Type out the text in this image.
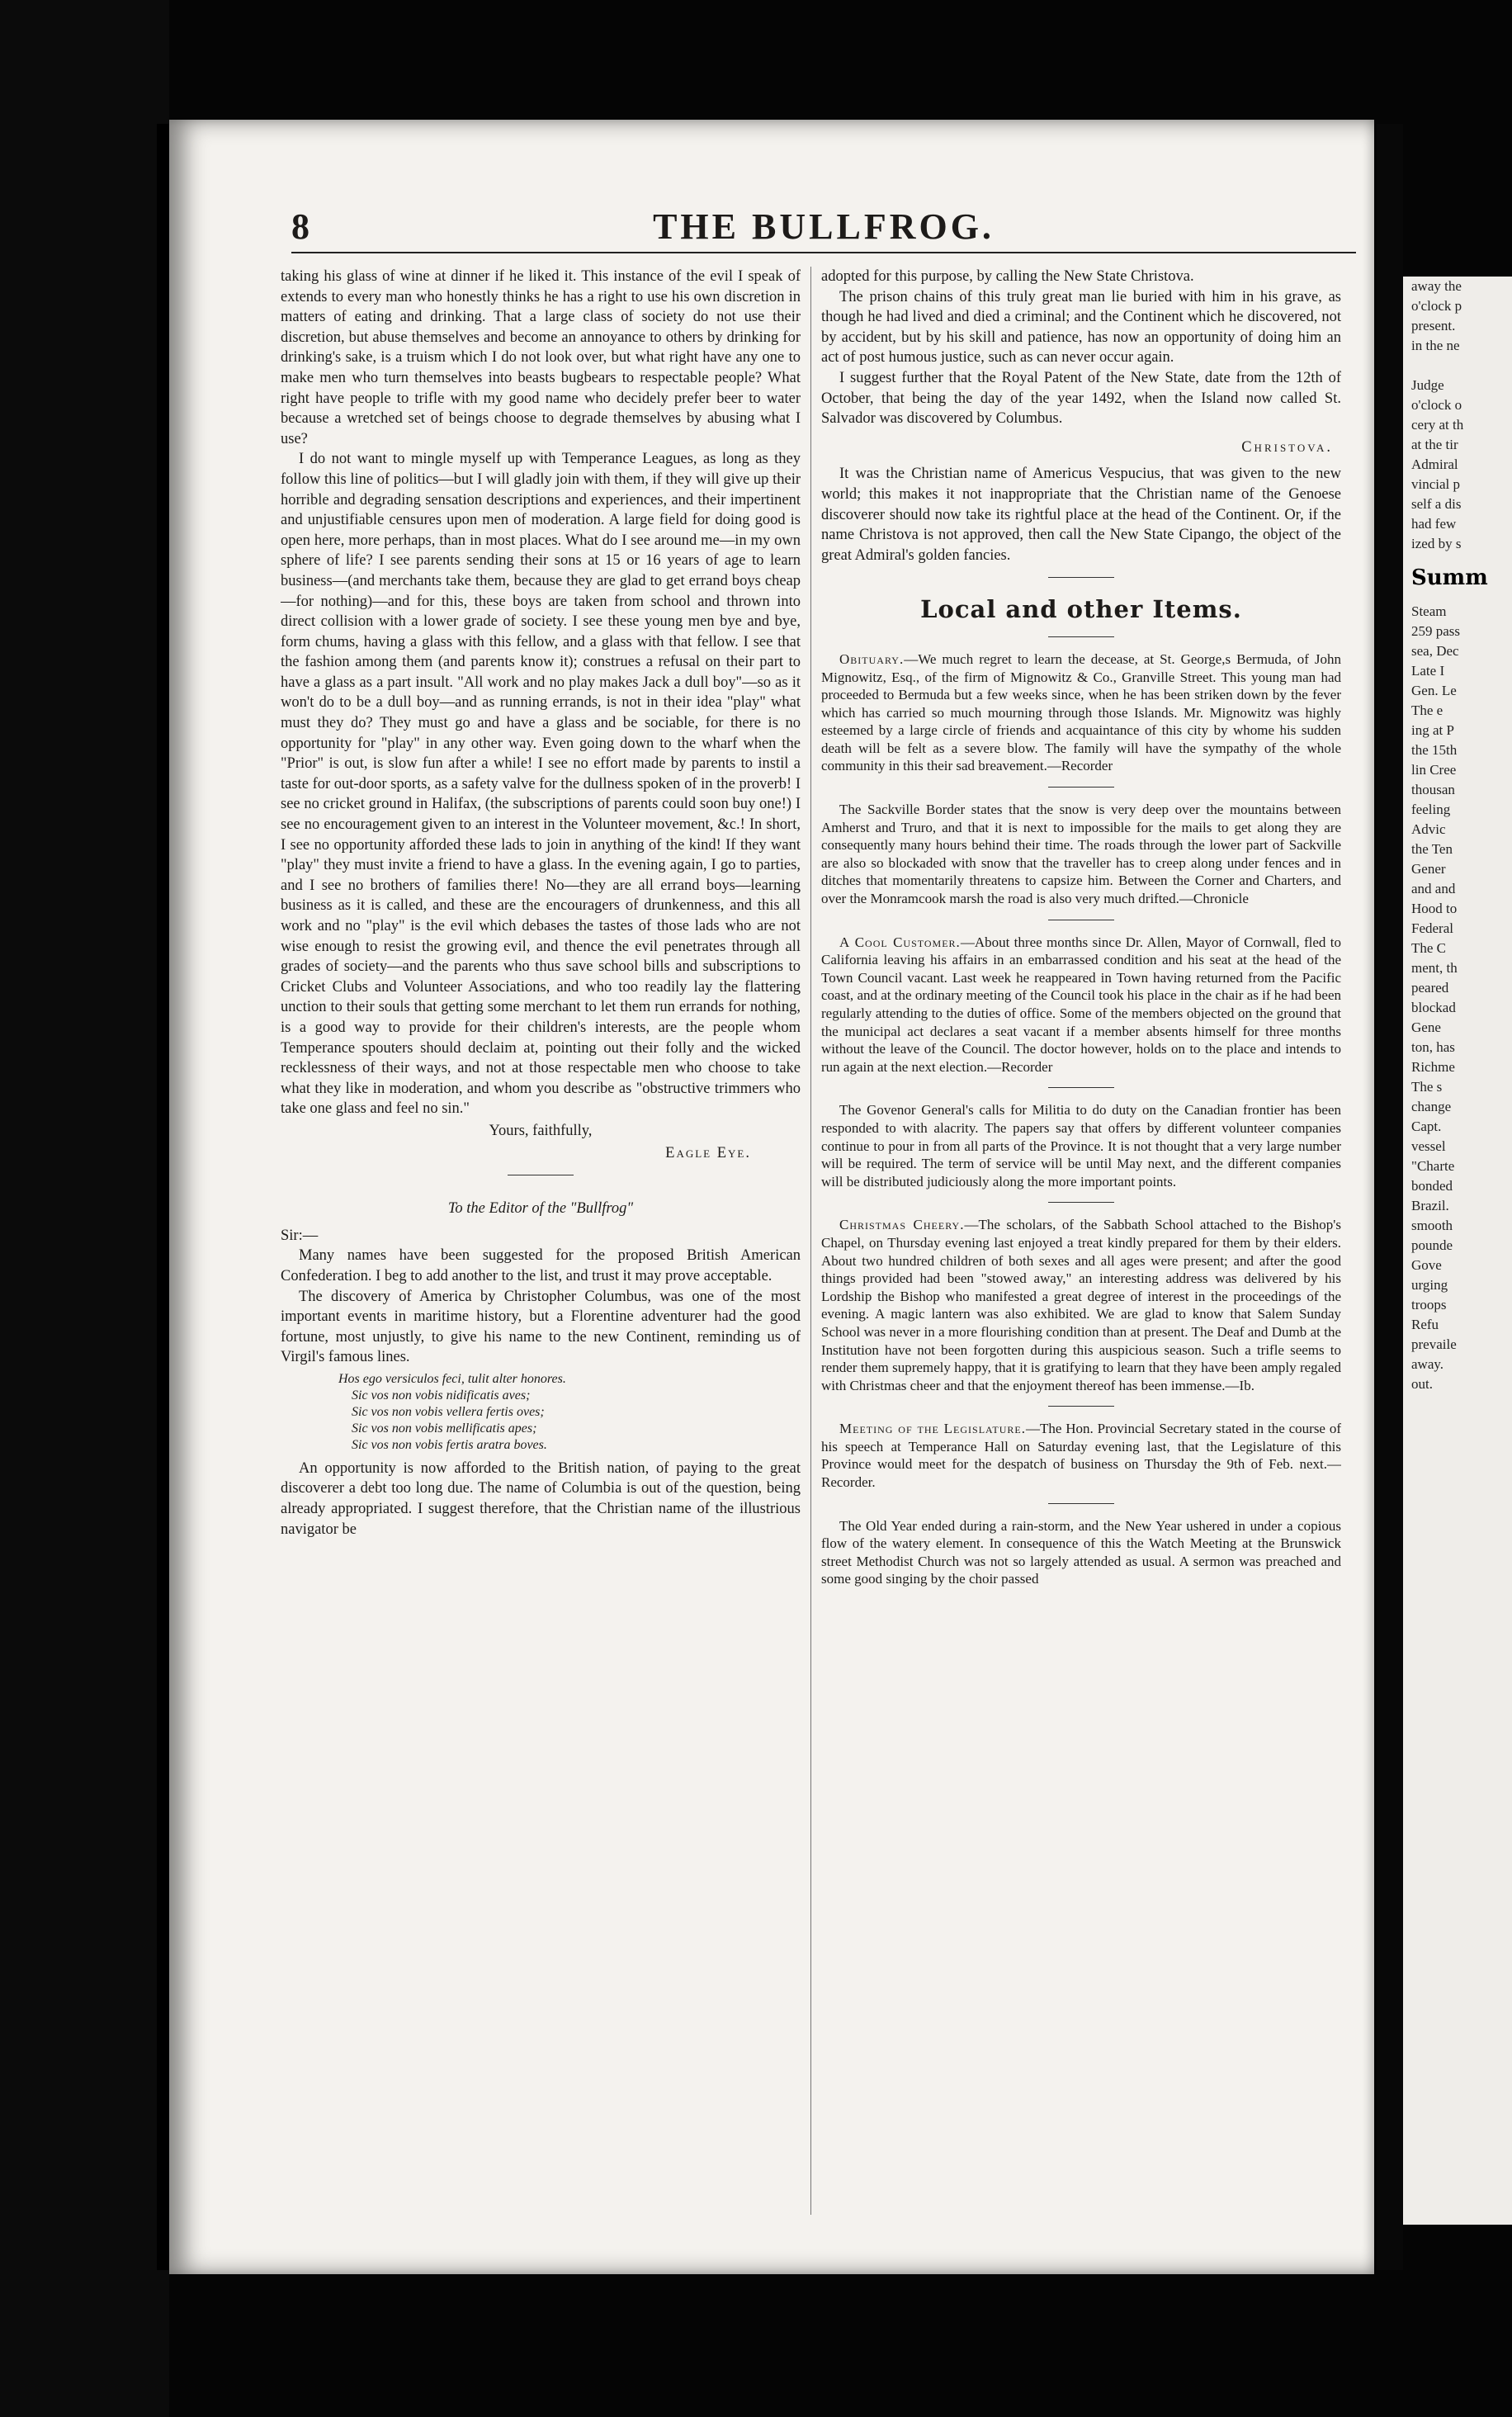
8	THE BULLFROG.

taking his glass of wine at dinner if he liked it. This instance of the evil I speak of extends to every man who honestly thinks he has a right to use his own discretion in matters of eating and drinking. That a large class of society do not use their discretion, but abuse themselves and become an annoyance to others by drinking for drinking's sake, is a truism which I do not look over, but what right have any one to make men who turn themselves into beasts bugbears to respectable people? What right have people to trifle with my good name who decidely prefer beer to water because a wretched set of beings choose to degrade themselves by abusing what I use?

I do not want to mingle myself up with Temperance Leagues, as long as they follow this line of politics—but I will gladly join with them, if they will give up their horrible and degrading sensation descriptions and experiences, and their impertinent and unjustifiable censures upon men of moderation. A large field for doing good is open here, more perhaps, than in most places. What do I see around me—in my own sphere of life? I see parents sending their sons at 15 or 16 years of age to learn business—(and merchants take them, because they are glad to get errand boys cheap—for nothing)—and for this, these boys are taken from school and thrown into direct collision with a lower grade of society. I see these young men bye and bye, form chums, having a glass with this fellow, and a glass with that fellow. I see that the fashion among them (and parents know it); construes a refusal on their part to have a glass as a part insult. "All work and no play makes Jack a dull boy"—so as it won't do to be a dull boy—and as running errands, is not in their idea "play" what must they do? They must go and have a glass and be sociable, for there is no opportunity for "play" in any other way. Even going down to the wharf when the "Prior" is out, is slow fun after a while! I see no effort made by parents to instil a taste for out-door sports, as a safety valve for the dullness spoken of in the proverb! I see no cricket ground in Halifax, (the subscriptions of parents could soon buy one!) I see no encouragement given to an interest in the Volunteer movement, &c.! In short, I see no opportunity afforded these lads to join in anything of the kind! If they want "play" they must invite a friend to have a glass. In the evening again, I go to parties, and I see no brothers of families there! No—they are all errand boys—learning business as it is called, and these are the encouragers of drunkenness, and this all work and no "play" is the evil which debases the tastes of those lads who are not wise enough to resist the growing evil, and thence the evil penetrates through all grades of society—and the parents who thus save school bills and subscriptions to Cricket Clubs and Volunteer Associations, and who too readily lay the flattering unction to their souls that getting some merchant to let them run errands for nothing, is a good way to provide for their children's interests, are the people whom Temperance spouters should declaim at, pointing out their folly and the wicked recklessness of their ways, and not at those respectable men who choose to take what they like in moderation, and whom you describe as "obstructive trimmers who take one glass and feel no sin."

Yours, faithfully,

Eagle Eye.

To the Editor of the "Bullfrog"

Sir:—

Many names have been suggested for the proposed British American Confederation. I beg to add another to the list, and trust it may prove acceptable.

The discovery of America by Christopher Columbus, was one of the most important events in maritime history, but a Florentine adventurer had the good fortune, most unjustly, to give his name to the new Continent, reminding us of Virgil's famous lines.

Hos ego versiculos feci, tulit alter honores.
Sic vos non vobis nidificatis aves;
Sic vos non vobis vellera fertis oves;
Sic vos non vobis mellificatis apes;
Sic vos non vobis fertis aratra boves.

An opportunity is now afforded to the British nation, of paying to the great discoverer a debt too long due. The name of Columbia is out of the question, being already appropriated. I suggest therefore, that the Christian name of the illustrious navigator be

adopted for this purpose, by calling the New State Christova.

The prison chains of this truly great man lie buried with him in his grave, as though he had lived and died a criminal; and the Continent which he discovered, not by accident, but by his skill and patience, has now an opportunity of doing him an act of post humous justice, such as can never occur again.

I suggest further that the Royal Patent of the New State, date from the 12th of October, that being the day of the year 1492, when the Island now called St. Salvador was discovered by Columbus.

Christova.

It was the Christian name of Americus Vespucius, that was given to the new world; this makes it not inappropriate that the Christian name of the Genoese discoverer should now take its rightful place at the head of the Continent. Or, if the name Christova is not approved, then call the New State Cipango, the object of the great Admiral's golden fancies.

Local and other Items.

Obituary.—We much regret to learn the decease, at St. George,s Bermuda, of John Mignowitz, Esq., of the firm of Mignowitz & Co., Granville Street. This young man had proceeded to Bermuda but a few weeks since, when he has been striken down by the fever which has carried so much mourning through those Islands. Mr. Mignowitz was highly esteemed by a large circle of friends and acquaintance of this city by whome his sudden death will be felt as a severe blow. The family will have the sympathy of the whole community in this their sad breavement.—Recorder

The Sackville Border states that the snow is very deep over the mountains between Amherst and Truro, and that it is next to impossible for the mails to get along they are consequently many hours behind their time. The roads through the lower part of Sackville are also so blockaded with snow that the traveller has to creep along under fences and in ditches that momentarily threatens to capsize him. Between the Corner and Charters, and over the Monramcook marsh the road is also very much drifted.—Chronicle

A Cool Customer.—About three months since Dr. Allen, Mayor of Cornwall, fled to California leaving his affairs in an embarrassed condition and his seat at the head of the Town Council vacant. Last week he reappeared in Town having returned from the Pacific coast, and at the ordinary meeting of the Council took his place in the chair as if he had been regularly attending to the duties of office. Some of the members objected on the ground that the municipal act declares a seat vacant if a member absents himself for three months without the leave of the Council. The doctor however, holds on to the place and intends to run again at the next election.—Recorder

The Govenor General's calls for Militia to do duty on the Canadian frontier has been responded to with alacrity. The papers say that offers by different volunteer companies continue to pour in from all parts of the Province. It is not thought that a very large number will be required. The term of service will be until May next, and the different companies will be distributed judiciously along the more important points.

Christmas Cheery.—The scholars, of the Sabbath School attached to the Bishop's Chapel, on Thursday evening last enjoyed a treat kindly prepared for them by their elders. About two hundred children of both sexes and all ages were present; and after the good things provided had been "stowed away," an interesting address was delivered by his Lordship the Bishop who manifested a great degree of interest in the proceedings of the evening. A magic lantern was also exhibited. We are glad to know that Salem Sunday School was never in a more flourishing condition than at present. The Deaf and Dumb at the Institution have not been forgotten during this auspicious season. Such a trifle seems to render them supremely happy, that it is gratifying to learn that they have been amply regaled with Christmas cheer and that the enjoyment thereof has been immense.—Ib.

Meeting of the Legislature.—The Hon. Provincial Secretary stated in the course of his speech at Temperance Hall on Saturday evening last, that the Legislature of this Province would meet for the despatch of business on Thursday the 9th of Feb. next.—Recorder.

The Old Year ended during a rain-storm, and the New Year ushered in under a copious flow of the watery element. In consequence of this the Watch Meeting at the Brunswick street Methodist Church was not so largely attended as usual. A sermon was preached and some good singing by the choir passed

away the
o'clock p
present.
in the ne

Judge
o'clock o
cery at th
at the tir
Admiral
vincial p
self a dis
had few
ized by s
Summ
Steam
259 pass
sea, Dec
Late I
Gen. Le
The e
ing at P
the 15th
lin Cree
thousan
feeling
Advic
the Ten
Gener
and and
Hood to
Federal
The C
ment, th
peared
blockad
Gene
ton, has
Richme
The s
change
Capt.
vessel
"Charte
bonded
Brazil.
smooth
pounde
Gove
urging
troops
Refu
prevaile
away.
out.
